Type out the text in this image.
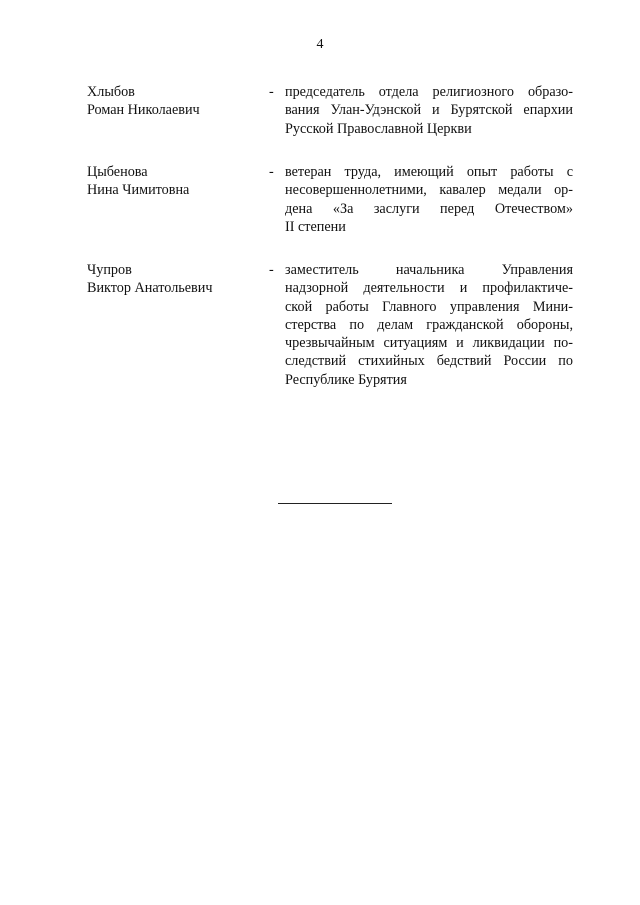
4
Хлыбов
Роман Николаевич
- председатель отдела религиозного образо-
вания Улан-Удэнской и Бурятской епархии
Русской Православной Церкви
Цыбенова
Нина Чимитовна
- ветеран труда, имеющий опыт работы с
несовершеннолетними, кавалер медали ор-
дена «За заслуги перед Отечеством»
II степени
Чупров
Виктор Анатольевич
- заместитель начальника Управления
надзорной деятельности и профилактиче-
ской работы Главного управления Мини-
стерства по делам гражданской обороны,
чрезвычайным ситуациям и ликвидации по-
следствий стихийных бедствий России по
Республике Бурятия
